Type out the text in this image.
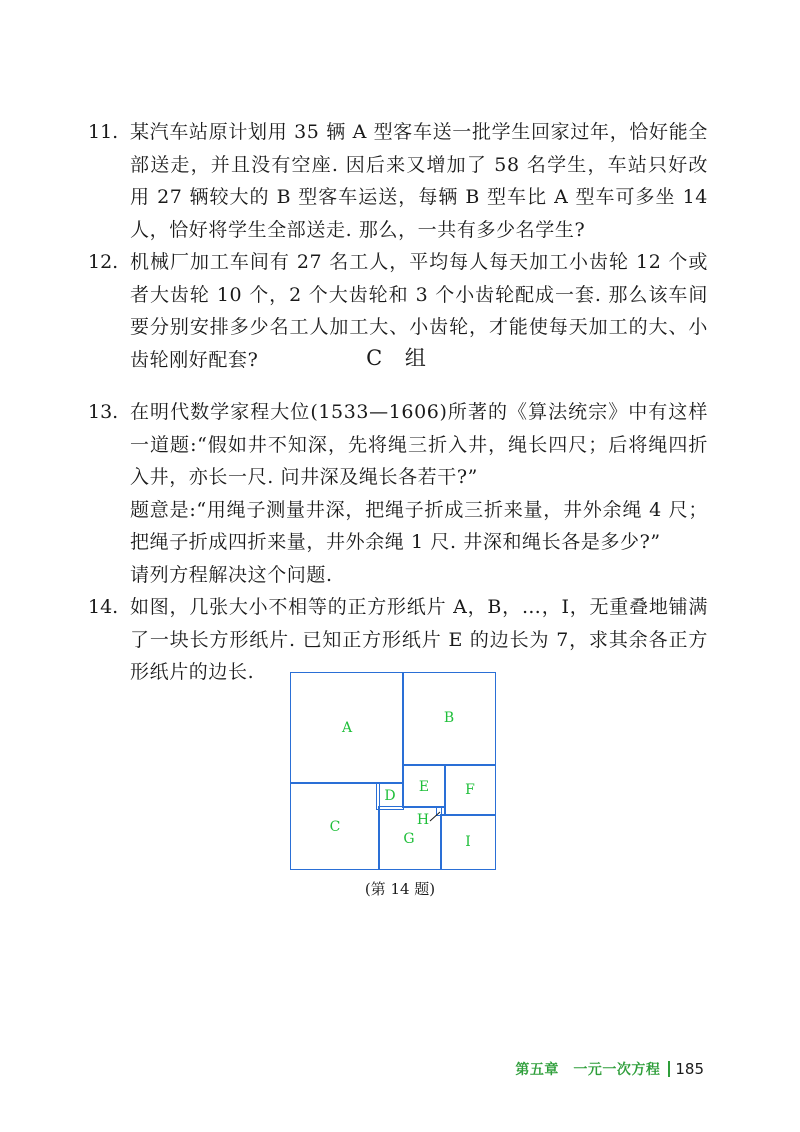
11. 某汽车站原计划用 35 辆 A 型客车送一批学生回家过年，恰好能全部送走，并且没有空座. 因后来又增加了 58 名学生，车站只好改用 27 辆较大的 B 型客车运送，每辆 B 型车比 A 型车可多坐 14 人，恰好将学生全部送走. 那么，一共有多少名学生?
12. 机械厂加工车间有 27 名工人，平均每人每天加工小齿轮 12 个或者大齿轮 10 个，2 个大齿轮和 3 个小齿轮配成一套. 那么该车间要分别安排多少名工人加工大、小齿轮，才能使每天加工的大、小齿轮刚好配套?	C 组
13. 在明代数学家程大位(1533—1606)所著的《算法统宗》中有这样一道题:“假如井不知深，先将绳三折入井，绳长四尺；后将绳四折入井，亦长一尺. 问井深及绳长各若干?”
题意是:“用绳子测量井深，把绳子折成三折来量，井外余绳 4 尺；把绳子折成四折来量，井外余绳 1 尺. 井深和绳长各是多少?”
请列方程解决这个问题.
14. 如图，几张大小不相等的正方形纸片 A，B，…，I，无重叠地铺满了一块长方形纸片. 已知正方形纸片 E 的边长为 7，求其余各正方形纸片的边长.
A
B
C
D
E	F
G
H
I
(第 14 题)
第五章　一元一次方程 185
